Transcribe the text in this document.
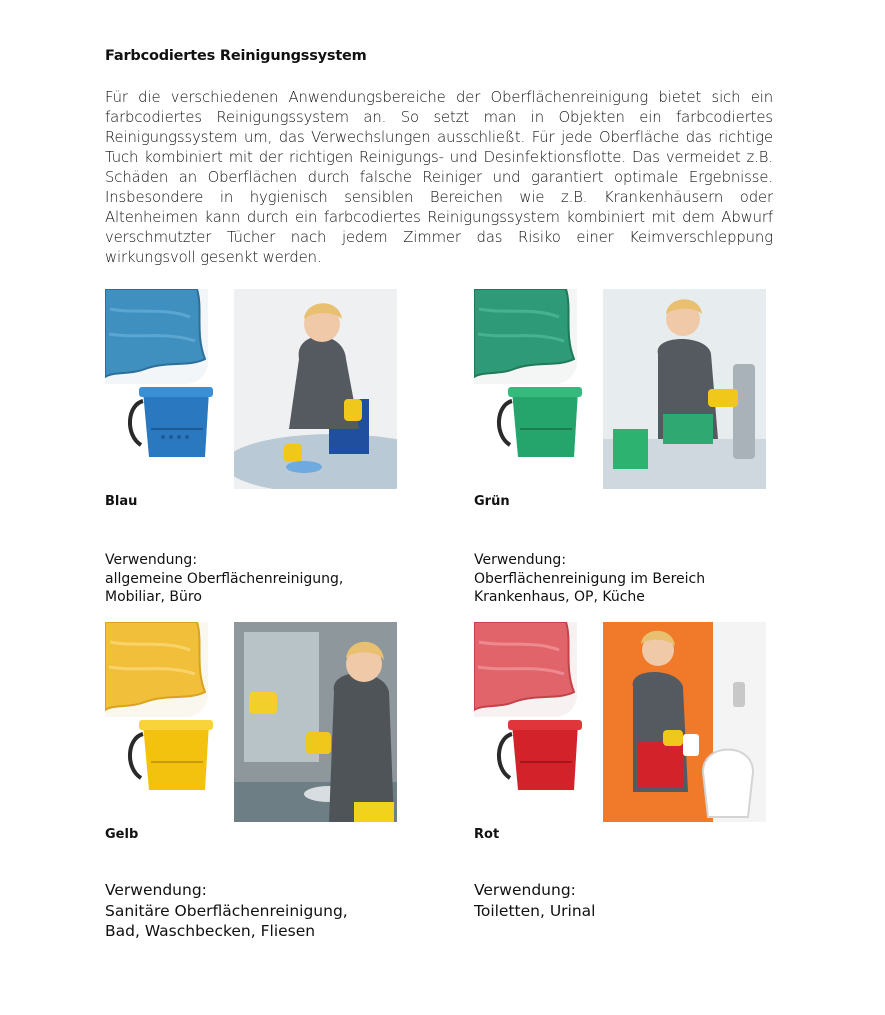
Farbcodiertes Reinigungssystem
Für die verschiedenen Anwendungsbereiche der Oberflächenreinigung bietet sich ein farbcodiertes Reinigungssystem an. So setzt man in Objekten ein farbcodiertes Reinigungssystem um, das Verwechslungen ausschließt. Für jede Oberfläche das richtige Tuch kombiniert mit der richtigen Reinigungs- und Desinfektionsflotte. Das vermeidet z.B. Schäden an Oberflächen durch falsche Reiniger und garantiert optimale Ergebnisse. Insbesondere in hygienisch sensiblen Bereichen wie z.B. Krankenhäusern oder Altenheimen kann durch ein farbcodiertes Reinigungssystem kombiniert mit dem Abwurf verschmutzter Tücher nach jedem Zimmer das Risiko einer Keimverschleppung wirkungsvoll gesenkt werden.
Blau
Verwendung:
allgemeine Oberflächenreinigung,
Mobiliar, Büro
Grün
Verwendung:
Oberflächenreinigung im Bereich
Krankenhaus, OP, Küche
Gelb
Verwendung:
Sanitäre Oberflächenreinigung,
Bad, Waschbecken, Fliesen
Rot
Verwendung:
Toiletten, Urinal
